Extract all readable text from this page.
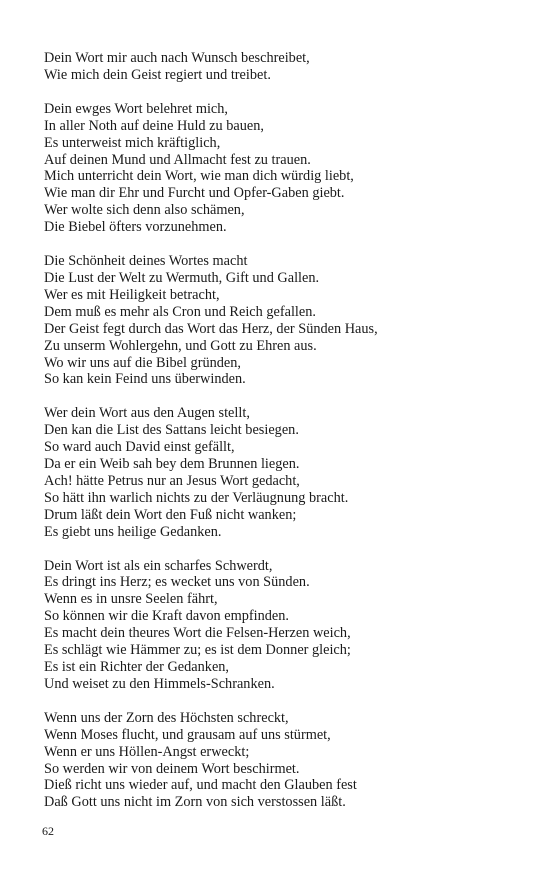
Dein Wort mir auch nach Wunsch beschreibet,
Wie mich dein Geist regiert und treibet.
Dein ewges Wort belehret mich,
In aller Noth auf deine Huld zu bauen,
Es unterweist mich kräftiglich,
Auf deinen Mund und Allmacht fest zu trauen.
Mich unterricht dein Wort, wie man dich würdig liebt,
Wie man dir Ehr und Furcht und Opfer-Gaben giebt.
Wer wolte sich denn also schämen,
Die Biebel öfters vorzunehmen.
Die Schönheit deines Wortes macht
Die Lust der Welt zu Wermuth, Gift und Gallen.
Wer es mit Heiligkeit betracht,
Dem muß es mehr als Cron und Reich gefallen.
Der Geist fegt durch das Wort das Herz, der Sünden Haus,
Zu unserm Wohlergehn, und Gott zu Ehren aus.
Wo wir uns auf die Bibel gründen,
So kan kein Feind uns überwinden.
Wer dein Wort aus den Augen stellt,
Den kan die List des Sattans leicht besiegen.
So ward auch David einst gefällt,
Da er ein Weib sah bey dem Brunnen liegen.
Ach! hätte Petrus nur an Jesus Wort gedacht,
So hätt ihn warlich nichts zu der Verläugnung bracht.
Drum läßt dein Wort den Fuß nicht wanken;
Es giebt uns heilige Gedanken.
Dein Wort ist als ein scharfes Schwerdt,
Es dringt ins Herz; es wecket uns von Sünden.
Wenn es in unsre Seelen fährt,
So können wir die Kraft davon empfinden.
Es macht dein theures Wort die Felsen-Herzen weich,
Es schlägt wie Hämmer zu; es ist dem Donner gleich;
Es ist ein Richter der Gedanken,
Und weiset zu den Himmels-Schranken.
Wenn uns der Zorn des Höchsten schreckt,
Wenn Moses flucht, und grausam auf uns stürmet,
Wenn er uns Höllen-Angst erweckt;
So werden wir von deinem Wort beschirmet.
Dieß richt uns wieder auf, und macht den Glauben fest
Daß Gott uns nicht im Zorn von sich verstossen läßt.
62
